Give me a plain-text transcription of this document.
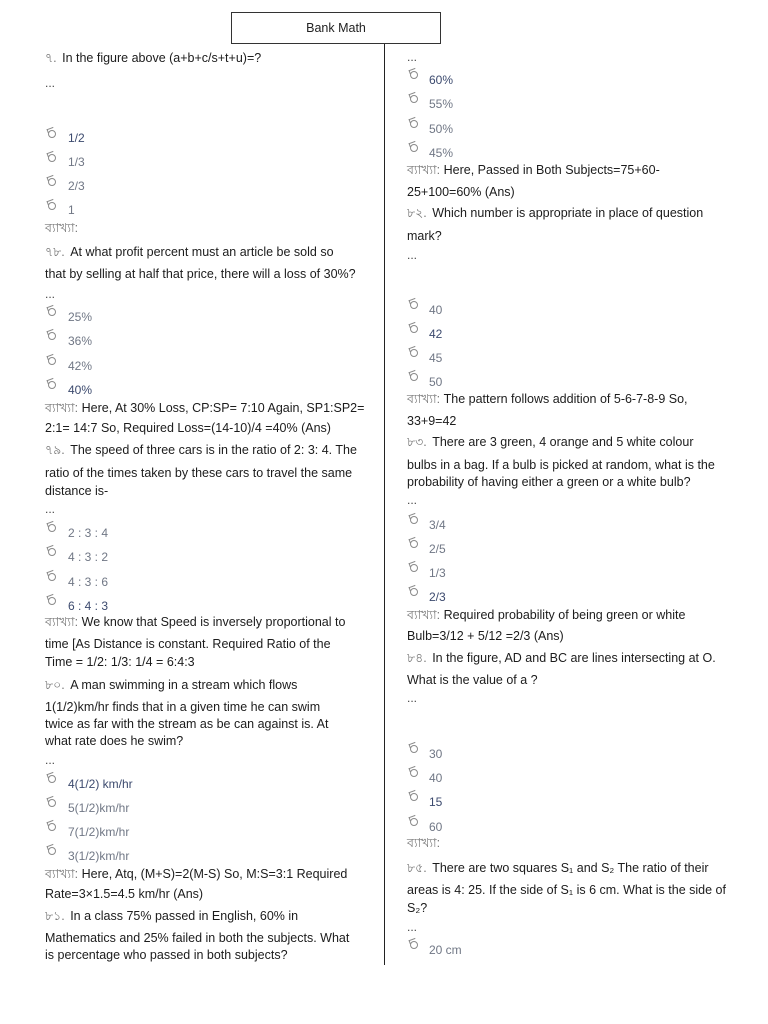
Bank Math
৭. In the figure above (a+b+c/s+t+u)=?
...
1/2
1/3
2/3
1
ব্যাখ্যা:
৭৮. At what profit percent must an article be sold so
that by selling at half that price, there will a loss of 30%?
...
25%
36%
42%
40%
ব্যাখ্যা: Here, At 30% Loss, CP:SP= 7:10 Again, SP1:SP2=
2:1= 14:7 So, Required Loss=(14-10)/4 =40% (Ans)
৭৯. The speed of three cars is in the ratio of 2: 3: 4. The
ratio of the times taken by these cars to travel the same
distance is-
...
2 : 3 : 4
4 : 3 : 2
4 : 3 : 6
6 : 4 : 3
ব্যাখ্যা: We know that Speed is inversely proportional to
time [As Distance is constant. Required Ratio of the
Time = 1/2: 1/3: 1/4 = 6:4:3
৮০. A man swimming in a stream which flows
1(1/2)km/hr finds that in a given time he can swim
twice as far with the stream as be can against is. At
what rate does he swim?
...
4(1/2) km/hr
5(1/2)km/hr
7(1/2)km/hr
3(1/2)km/hr
ব্যাখ্যা: Here, Atq, (M+S)=2(M-S) So, M:S=3:1 Required
Rate=3×1.5=4.5 km/hr (Ans)
৮১. In a class 75% passed in English, 60% in
Mathematics and 25% failed in both the subjects. What
is percentage who passed in both subjects?
...
60%
55%
50%
45%
ব্যাখ্যা: Here, Passed in Both Subjects=75+60-
25+100=60% (Ans)
৮২. Which number is appropriate in place of question
mark?
...
40
42
45
50
ব্যাখ্যা: The pattern follows addition of 5-6-7-8-9 So,
33+9=42
৮৩. There are 3 green, 4 orange and 5 white colour
bulbs in a bag. If a bulb is picked at random, what is the
probability of having either a green or a white bulb?
...
3/4
2/5
1/3
2/3
ব্যাখ্যা: Required probability of being green or white
Bulb=3/12 + 5/12 =2/3 (Ans)
৮৪. In the figure, AD and BC are lines intersecting at O.
What is the value of a ?
...
30
40
15
60
ব্যাখ্যা:
৮৫. There are two squares S₁ and S₂ The ratio of their
areas is 4: 25. If the side of S₁ is 6 cm. What is the side of
S₂?
...
20 cm
